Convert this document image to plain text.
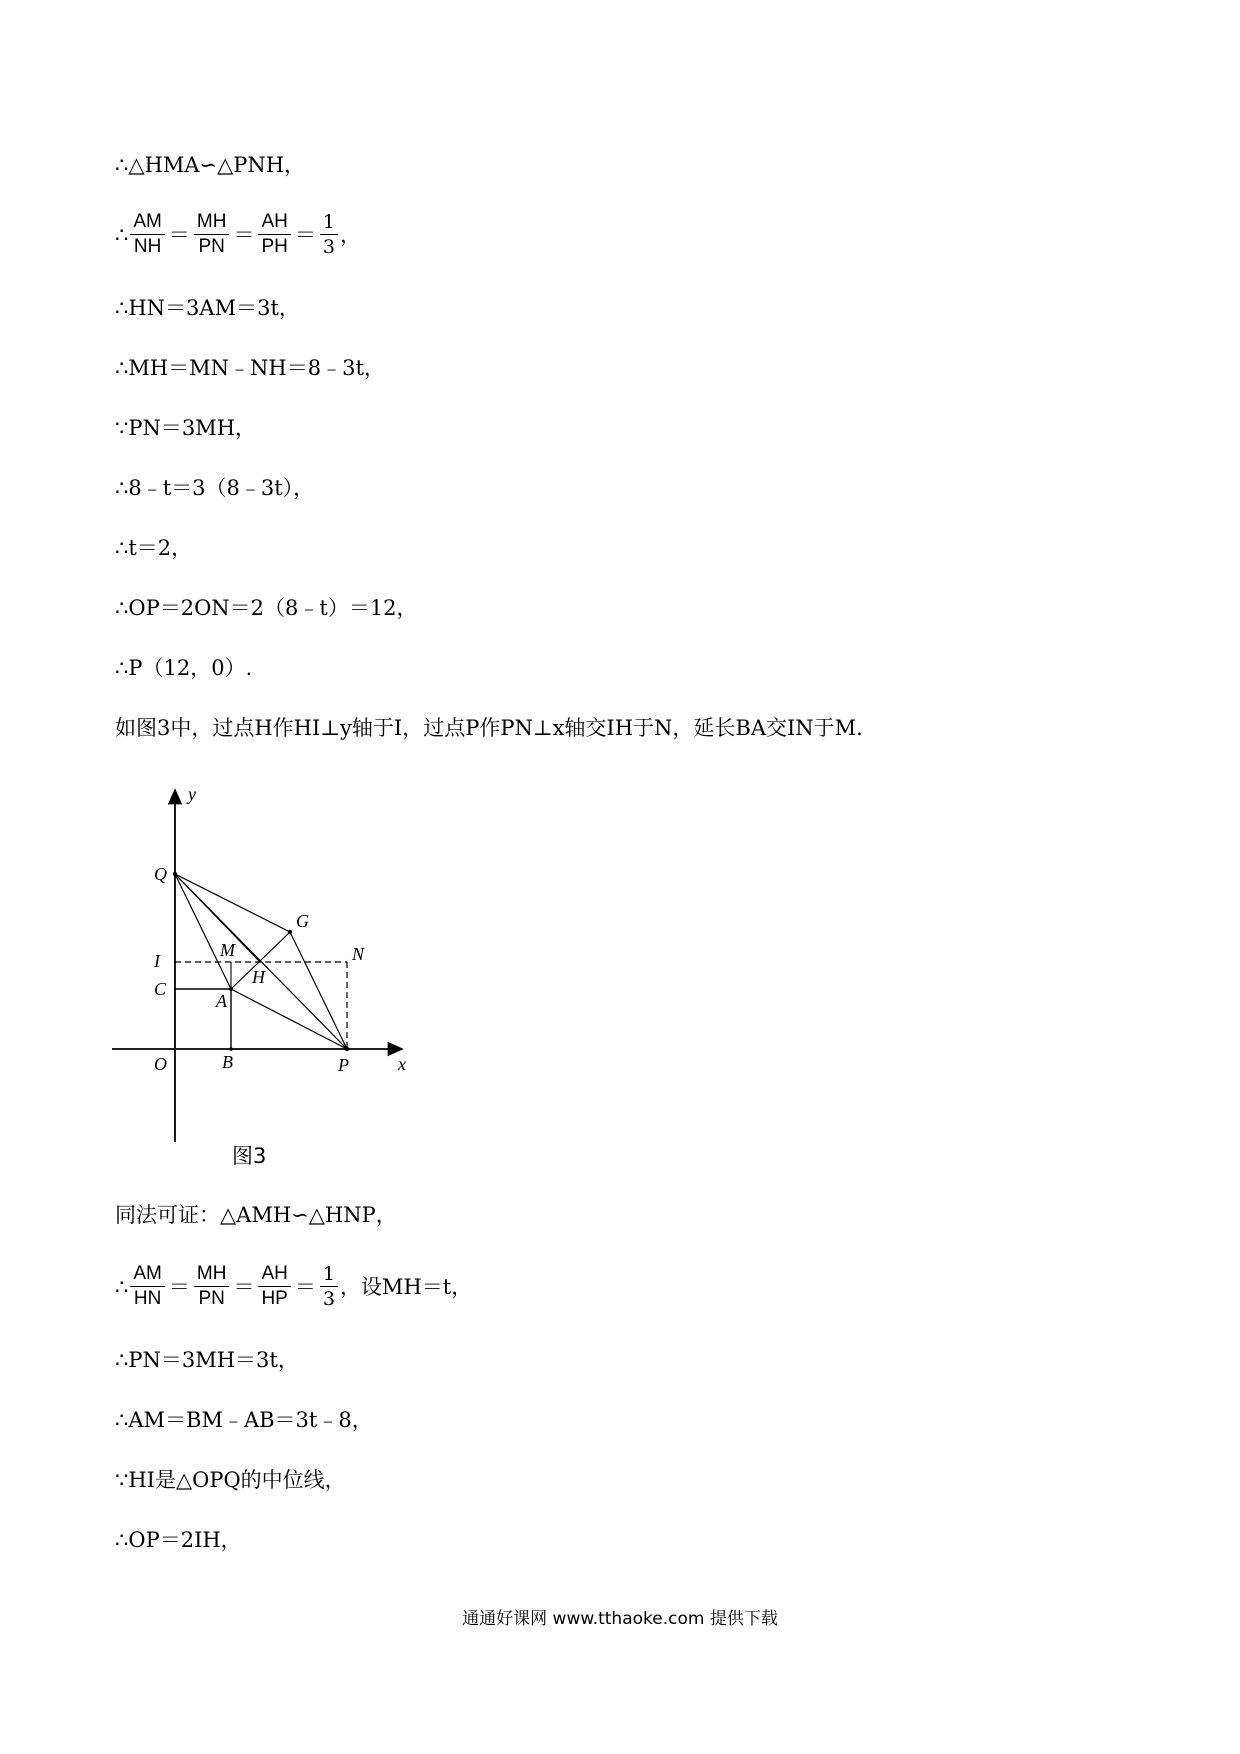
∴△HMA∽△PNH，
∴ $\frac{AM}{NH} = \frac{MH}{PN} = \frac{AH}{PH} = \frac{1}{3}$ ，
∴HN＝3AM＝3t，
∴MH＝MN﹣NH＝8﹣3t，
∵PN＝3MH，
∴8﹣t＝3（8﹣3t），
∴t＝2，
∴OP＝2ON＝2（8﹣t）＝12，
∴P（12，0）.
如图3中，过点H作HI⊥y轴于I，过点P作PN⊥x轴交IH于N，延长BA交IN于M.
y
x
Q
G
I
M	N
C
H
A
O	B	P
图3
同法可证：△AMH∽△HNP，
∴ $\frac{AM}{HN} = \frac{MH}{PN} = \frac{AH}{HP} = \frac{1}{3}$ ，设MH＝t，
∴PN＝3MH＝3t，
∴AM＝BM﹣AB＝3t﹣8，
∵HI是△OPQ的中位线，
∴OP＝2IH，
通通好课网 www.tthaoke.com 提供下载
